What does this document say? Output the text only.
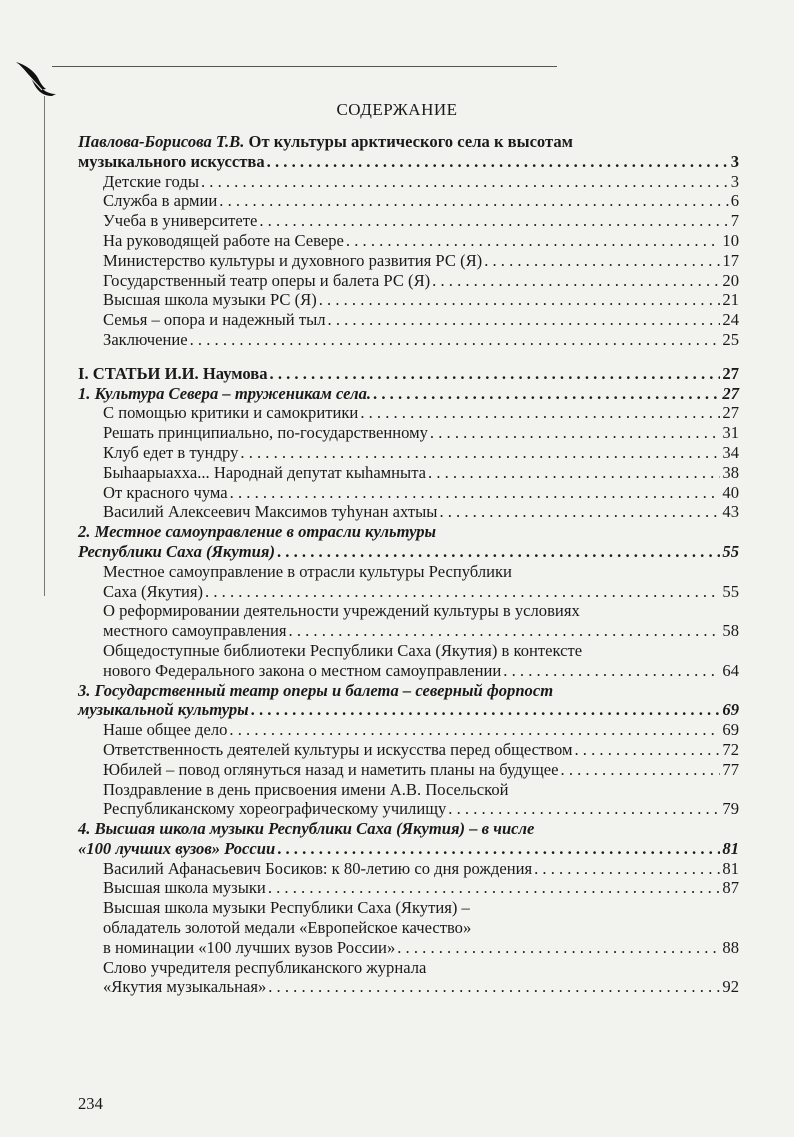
СОДЕРЖАНИЕ
Павлова-Борисова Т.В. От культуры арктического села к высотам
музыкального искусства . . .	3
Детские годы . . .	3
Служба в армии . . .	6
Учеба в университете . . .	7
На руководящей работе на Севере . . .	10
Министерство культуры и духовного развития РС (Я) . . .	17
Государственный театр оперы и балета РС (Я) . . .	20
Высшая школа музыки РС (Я) . . .	21
Семья – опора и надежный тыл . . .	24
Заключение . . .	25
I. СТАТЬИ И.И. Наумова . . .	27
1. Культура Севера – труженикам села. . . .	27
С помощью критики и самокритики . . .	27
Решать принципиально, по-государственному . . .	31
Клуб едет в тундру . . .	34
Быһаарыахха... Народнай депутат кыһамныта . . .	38
От красного чума . . .	40
Василий Алексеевич Максимов туһунан ахтыы . . .	43
2. Местное самоуправление в отрасли культуры
Республики Саха (Якутия) . . .	55
Местное самоуправление в отрасли культуры Республики
Саха (Якутия) . . .	55
О реформировании деятельности учреждений культуры в условиях
местного самоуправления . . .	58
Общедоступные библиотеки Республики Саха (Якутия) в контексте
нового Федерального закона о местном самоуправлении . . .	64
3. Государственный театр оперы и балета – северный форпост
музыкальной культуры . . .	69
Наше общее дело . . .	69
Ответственность деятелей культуры и искусства перед обществом . . .	72
Юбилей – повод оглянуться назад и наметить планы на будущее . . .	77
Поздравление в день присвоения имени А.В. Посельской
Республиканскому хореографическому училищу . . .	79
4. Высшая школа музыки Республики Саха (Якутия) – в числе
«100 лучших вузов» России . . .	81
Василий Афанасьевич Босиков: к 80-летию со дня рождения . . .	81
Высшая школа музыки . . .	87
Высшая школа музыки Республики Саха (Якутия) –
обладатель золотой медали «Европейское качество»
в номинации «100 лучших вузов России» . . .	88
Слово учредителя республиканского журнала
«Якутия музыкальная» . . .	92
234
